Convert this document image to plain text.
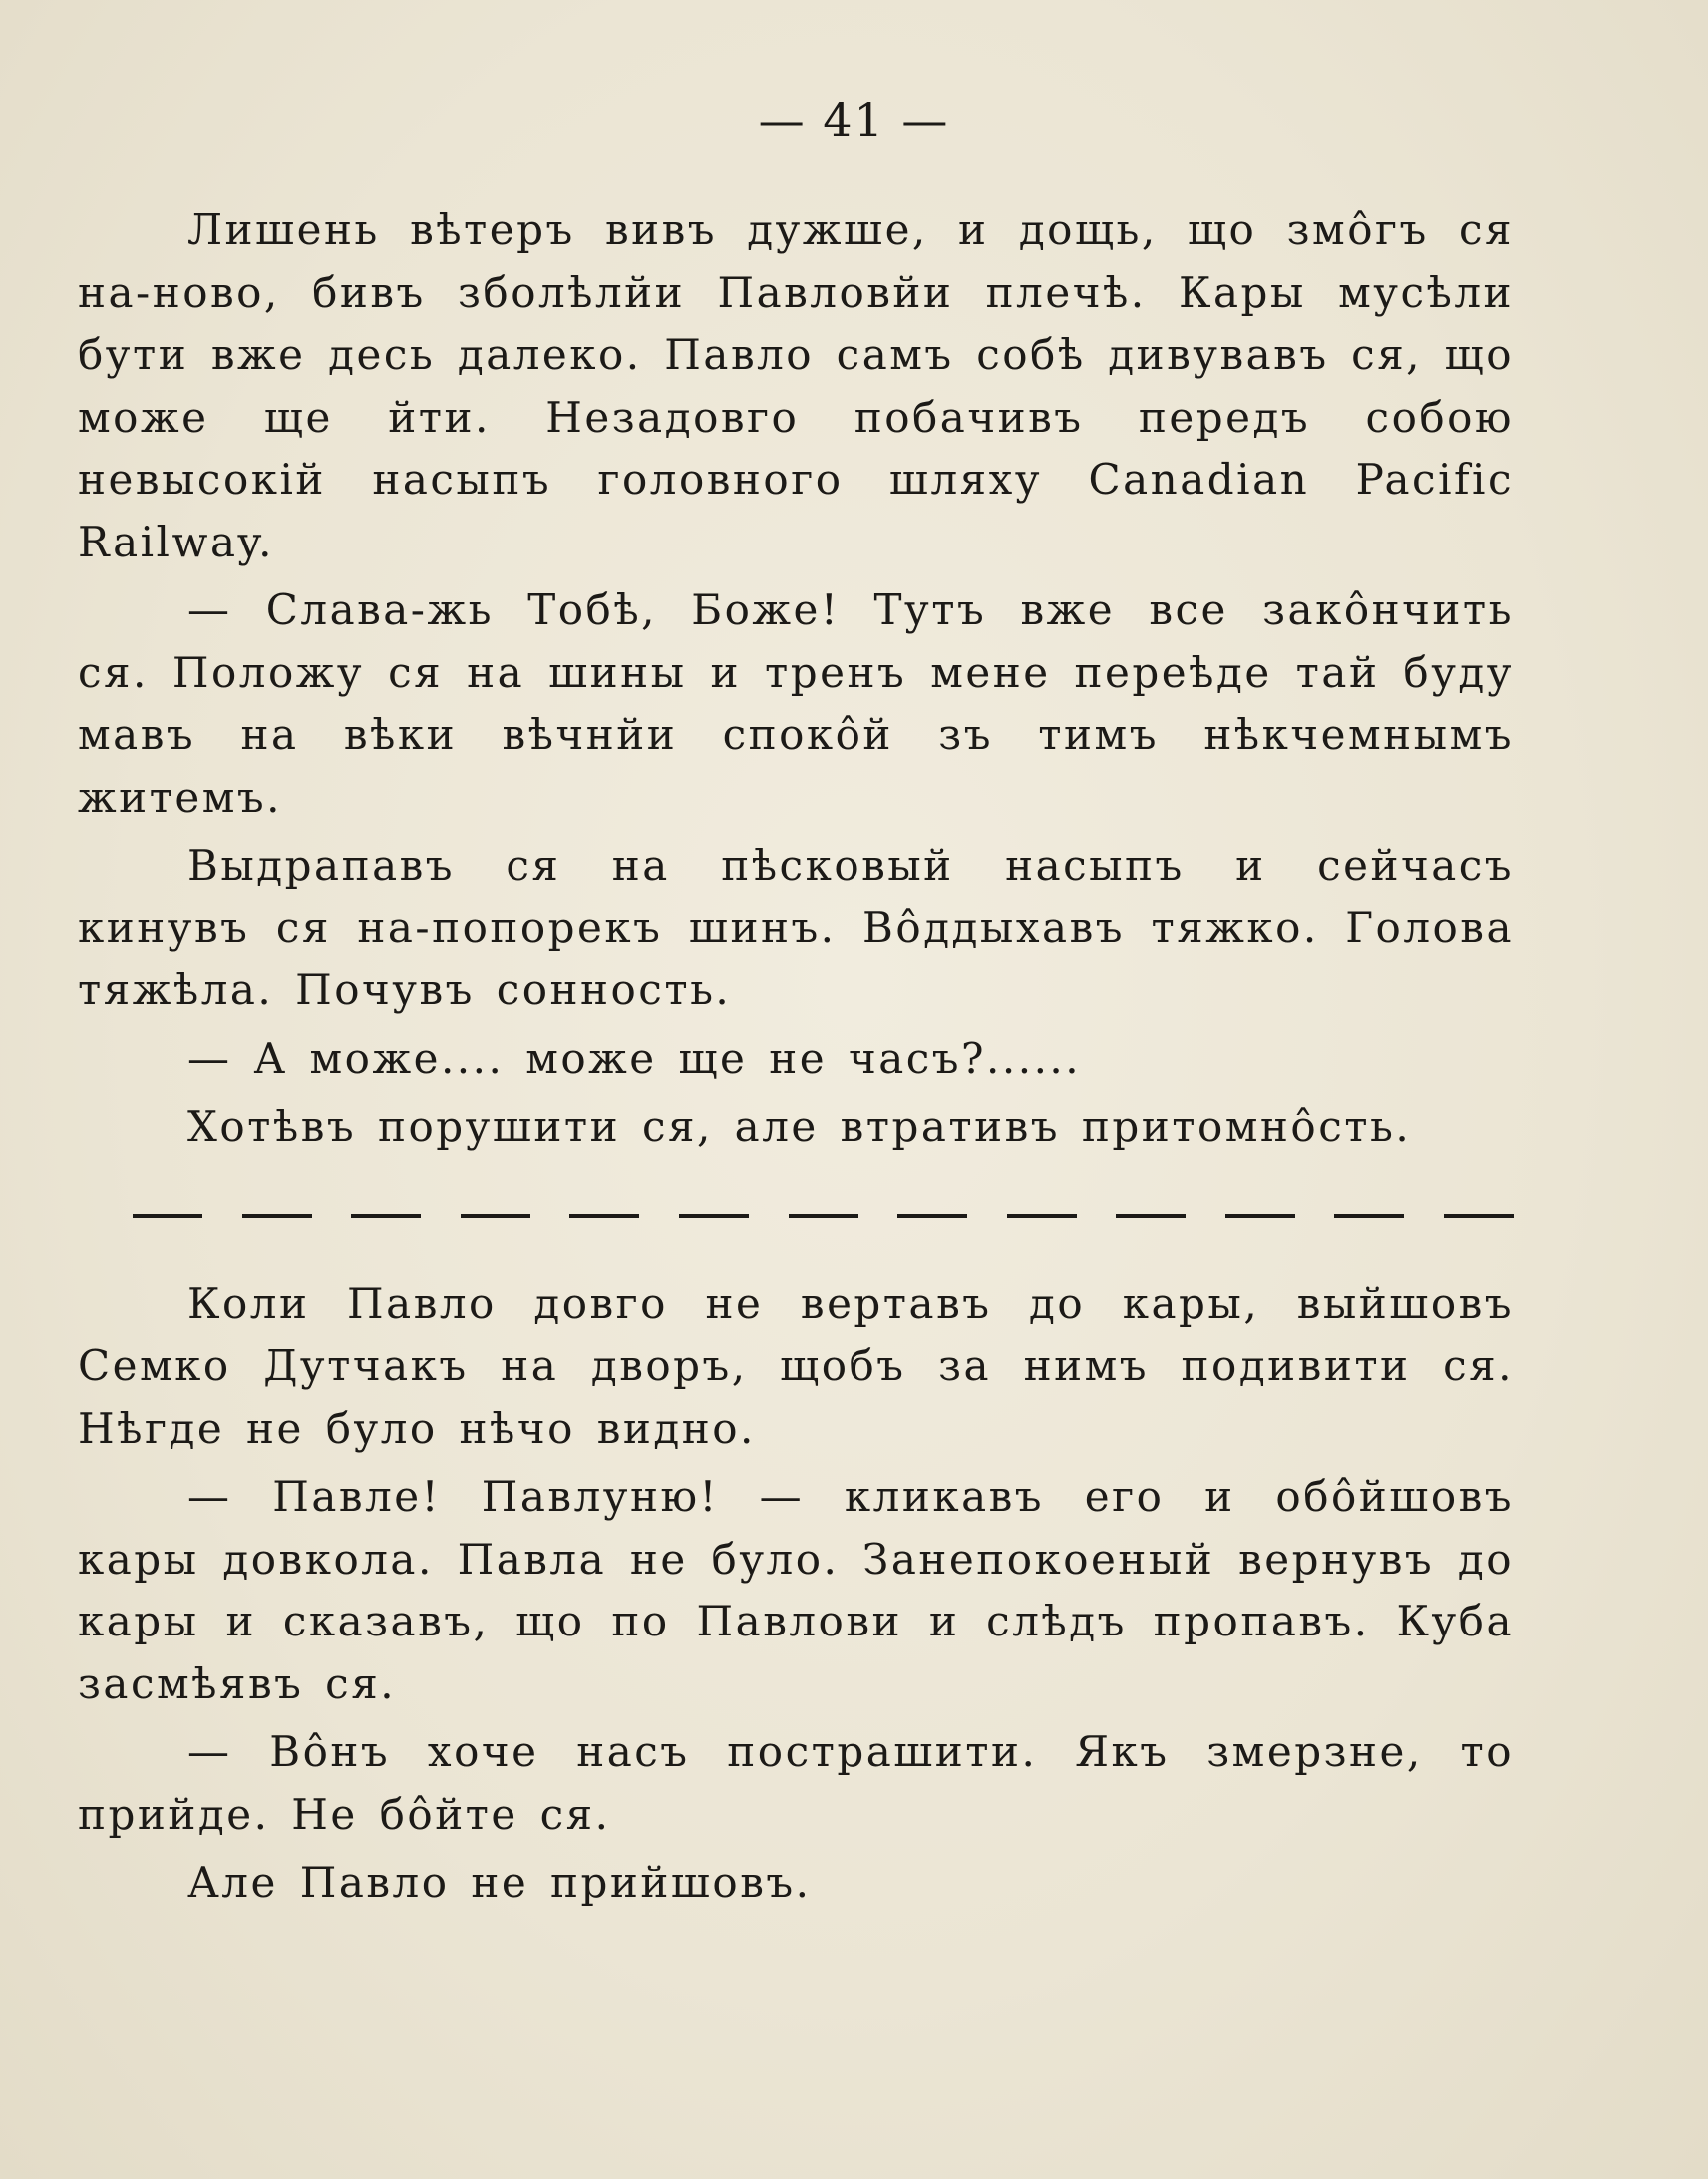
— 41 —

Лишень вѣтеръ вивъ дужше, и дощь, що змôгъ ся на-ново, бивъ зболѣлйи Павловйи плечѣ. Кары мусѣли бути вже десь далеко. Павло самъ собѣ дивувавъ ся, що може ще йти. Незадовго побачивъ передъ собою невысокій насыпъ головного шляху Canadian Pacific Railway.

— Слава-жь Тобѣ, Боже! Тутъ вже все закôнчить ся. Положу ся на шины и тренъ мене переѣде тай буду мавъ на вѣки вѣчнйи спокôй зъ тимъ нѣкчемнымъ житемъ.

Выдрапавъ ся на пѣсковый насыпъ и сейчасъ кинувъ ся на-попорекъ шинъ. Вôддыхавъ тяжко. Голова тяжѣла. Почувъ сонность.

— А може.... може ще не часъ?......

Хотѣвъ порушити ся, але втративъ притомнôсть.

Коли Павло довго не вертавъ до кары, выйшовъ Семко Дутчакъ на дворъ, щобъ за нимъ подивити ся. Нѣгде не було нѣчо видно.

— Павле! Павлуню! — кликавъ его и обôйшовъ кары довкола. Павла не було. Занепокоеный вернувъ до кары и сказавъ, що по Павлови и слѣдъ пропавъ. Куба засмѣявъ ся.

— Вôнъ хоче насъ пострашити. Якъ змерзне, то прийде. Не бôйте ся.

Але Павло не прийшовъ.
